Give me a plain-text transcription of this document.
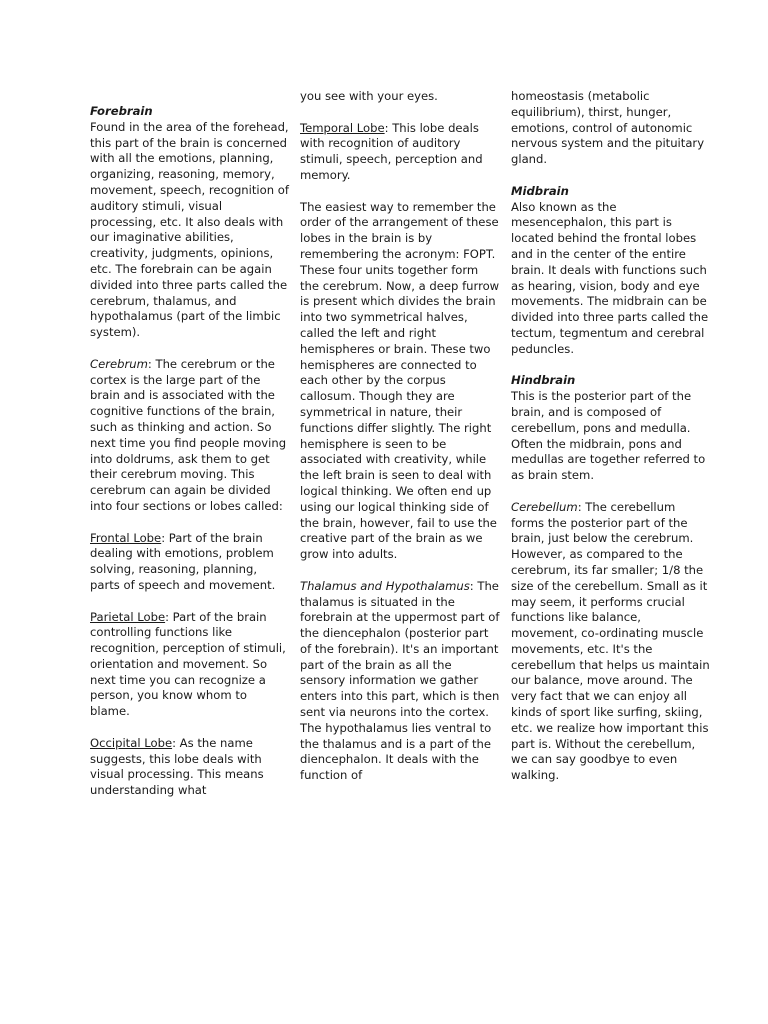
Forebrain
Found in the area of the forehead, this part of the brain is concerned with all the emotions, planning, organizing, reasoning, memory, movement, speech, recognition of auditory stimuli, visual processing, etc. It also deals with our imaginative abilities, creativity, judgments, opinions, etc. The forebrain can be again divided into three parts called the cerebrum, thalamus, and hypothalamus (part of the limbic system).

Cerebrum: The cerebrum or the cortex is the large part of the brain and is associated with the cognitive functions of the brain, such as thinking and action. So next time you find people moving into doldrums, ask them to get their cerebrum moving. This cerebrum can again be divided into four sections or lobes called:

Frontal Lobe: Part of the brain dealing with emotions, problem solving, reasoning, planning, parts of speech and movement.

Parietal Lobe: Part of the brain controlling functions like recognition, perception of stimuli, orientation and movement. So next time you can recognize a person, you know whom to blame.

Occipital Lobe: As the name suggests, this lobe deals with visual processing. This means understanding what

you see with your eyes.

Temporal Lobe: This lobe deals with recognition of auditory stimuli, speech, perception and memory.

The easiest way to remember the order of the arrangement of these lobes in the brain is by remembering the acronym: FOPT. These four units together form the cerebrum. Now, a deep furrow is present which divides the brain into two symmetrical halves, called the left and right hemispheres or brain. These two hemispheres are connected to each other by the corpus callosum. Though they are symmetrical in nature, their functions differ slightly. The right hemisphere is seen to be associated with creativity, while the left brain is seen to deal with logical thinking. We often end up using our logical thinking side of the brain, however, fail to use the creative part of the brain as we grow into adults.

Thalamus and Hypothalamus: The thalamus is situated in the forebrain at the uppermost part of the diencephalon (posterior part of the forebrain). It's an important part of the brain as all the sensory information we gather enters into this part, which is then sent via neurons into the cortex. The hypothalamus lies ventral to the thalamus and is a part of the diencephalon. It deals with the function of

homeostasis (metabolic equilibrium), thirst, hunger, emotions, control of autonomic nervous system and the pituitary gland.

Midbrain
Also known as the mesencephalon, this part is located behind the frontal lobes and in the center of the entire brain. It deals with functions such as hearing, vision, body and eye movements. The midbrain can be divided into three parts called the tectum, tegmentum and cerebral peduncles.

Hindbrain
This is the posterior part of the brain, and is composed of cerebellum, pons and medulla. Often the midbrain, pons and medullas are together referred to as brain stem.

Cerebellum: The cerebellum forms the posterior part of the brain, just below the cerebrum. However, as compared to the cerebrum, its far smaller; 1/8 the size of the cerebellum. Small as it may seem, it performs crucial functions like balance, movement, co-ordinating muscle movements, etc. It's the cerebellum that helps us maintain our balance, move around. The very fact that we can enjoy all kinds of sport like surfing, skiing, etc. we realize how important this part is. Without the cerebellum, we can say goodbye to even walking.
